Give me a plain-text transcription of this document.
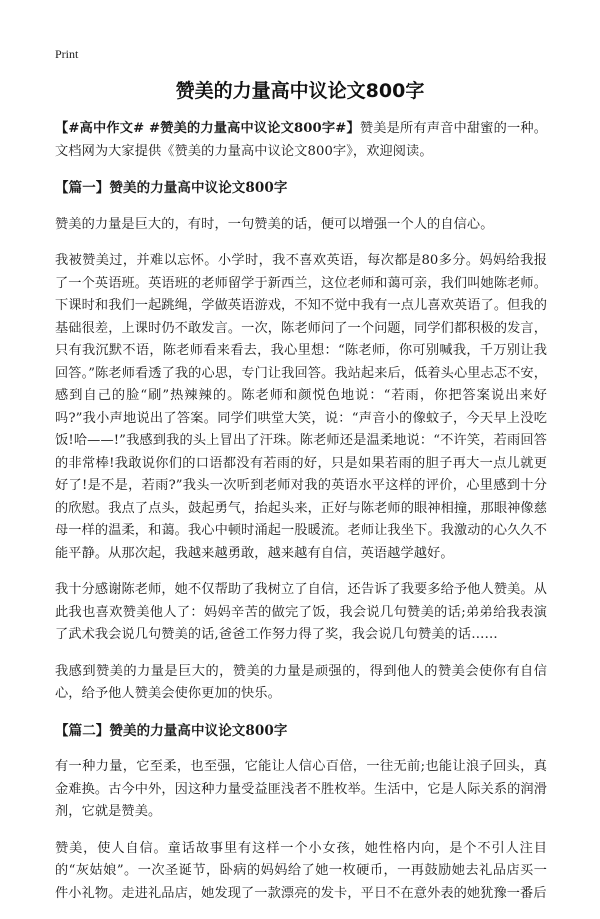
Print
赞美的力量高中议论文800字

【#高中作文# #赞美的力量高中议论文800字#】赞美是所有声音中甜蜜的一种。文档网为大家提供《赞美的力量高中议论文800字》，欢迎阅读。

【篇一】赞美的力量高中议论文800字

赞美的力量是巨大的，有时，一句赞美的话，便可以增强一个人的自信心。

我被赞美过，并难以忘怀。小学时，我不喜欢英语，每次都是80多分。妈妈给我报了一个英语班。英语班的老师留学于新西兰，这位老师和蔼可亲，我们叫她陈老师。下课时和我们一起跳绳，学做英语游戏，不知不觉中我有一点儿喜欢英语了。但我的基础很差，上课时仍不敢发言。一次，陈老师问了一个问题，同学们都积极的发言，只有我沉默不语，陈老师看来看去，我心里想：“陈老师，你可别喊我，千万别让我回答。”陈老师看透了我的心思，专门让我回答。我站起来后，低着头心里忐忑不安，感到自己的脸“刷”热辣辣的。陈老师和颜悦色地说：“若雨，你把答案说出来好吗?”我小声地说出了答案。同学们哄堂大笑，说：“声音小的像蚊子，今天早上没吃饭!哈——!”我感到我的头上冒出了汗珠。陈老师还是温柔地说：“不许笑，若雨回答的非常棒!我敢说你们的口语都没有若雨的好，只是如果若雨的胆子再大一点儿就更好了!是不是，若雨?”我头一次听到老师对我的英语水平这样的评价，心里感到十分的欣慰。我点了点头，鼓起勇气，抬起头来，正好与陈老师的眼神相撞，那眼神像慈母一样的温柔，和蔼。我心中顿时涌起一股暖流。老师让我坐下。我激动的心久久不能平静。从那次起，我越来越勇敢，越来越有自信，英语越学越好。

我十分感谢陈老师，她不仅帮助了我树立了自信，还告诉了我要多给予他人赞美。从此我也喜欢赞美他人了：妈妈辛苦的做完了饭，我会说几句赞美的话;弟弟给我表演了武术我会说几句赞美的话,爸爸工作努力得了奖，我会说几句赞美的话……

我感到赞美的力量是巨大的，赞美的力量是顽强的，得到他人的赞美会使你有自信心，给予他人赞美会使你更加的快乐。

【篇二】赞美的力量高中议论文800字

有一种力量，它至柔，也至强，它能让人信心百倍，一往无前;也能让浪子回头，真金难换。古今中外，因这种力量受益匪浅者不胜枚举。生活中，它是人际关系的润滑剂，它就是赞美。

赞美，使人自信。童话故事里有这样一个小女孩，她性格内向，是个不引人注目的“灰姑娘”。一次圣诞节，卧病的妈妈给了她一枚硬币，一再鼓励她去礼品店买一件小礼物。走进礼品店，她发现了一款漂亮的发卡，平日不在意外表的她犹豫一番后
